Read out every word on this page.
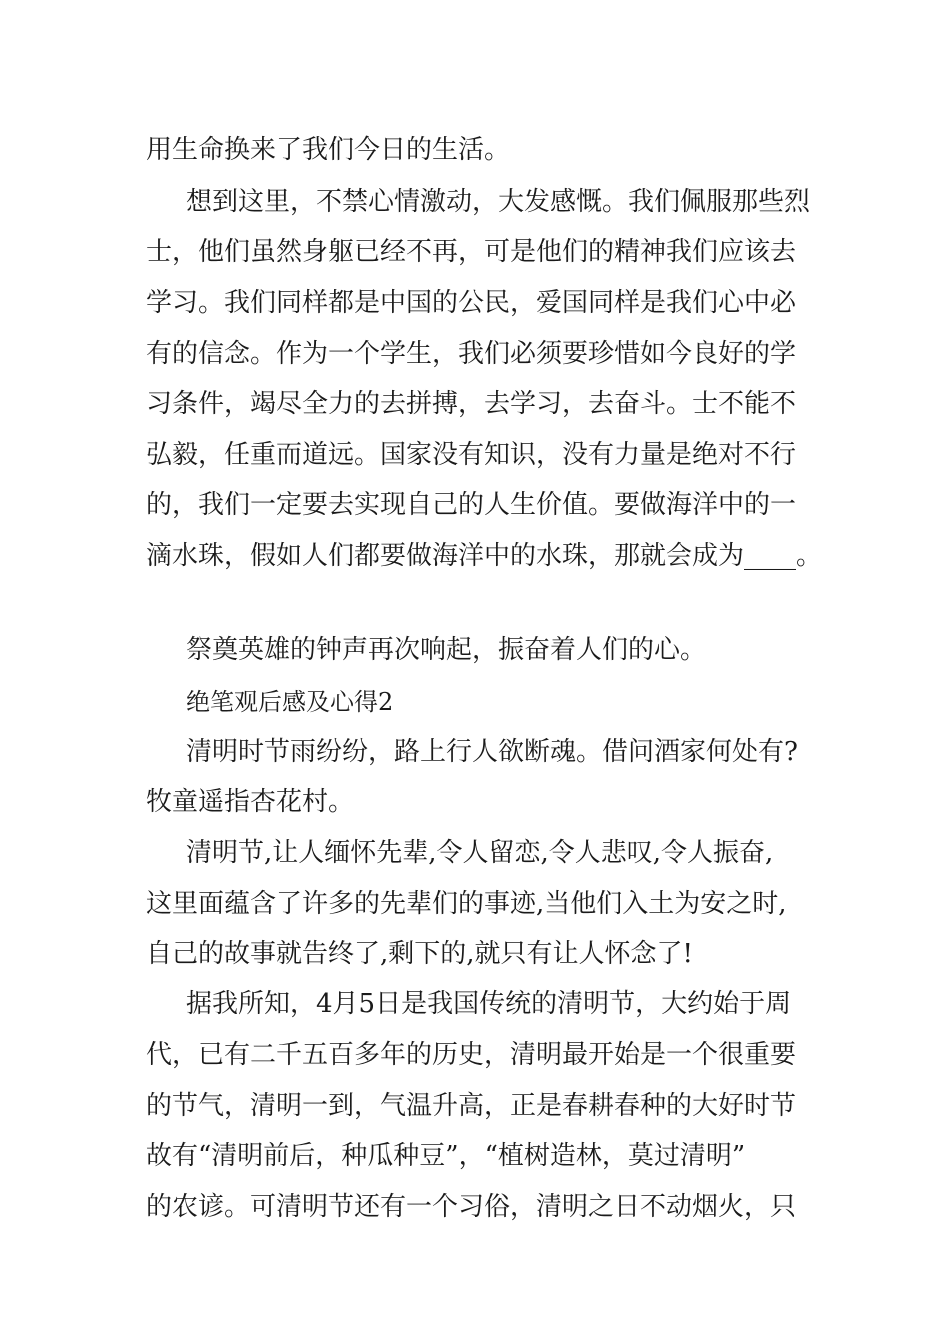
用生命换来了我们今日的生活。

想到这里，不禁心情激动，大发感慨。我们佩服那些烈

士，他们虽然身躯已经不再，可是他们的精神我们应该去

学习。我们同样都是中国的公民，爱国同样是我们心中必

有的信念。作为一个学生，我们必须要珍惜如今良好的学

习条件，竭尽全力的去拼搏，去学习，去奋斗。士不能不

弘毅，任重而道远。国家没有知识，没有力量是绝对不行

的，我们一定要去实现自己的人生价值。要做海洋中的一

滴水珠，假如人们都要做海洋中的水珠，那就会成为____。

祭奠英雄的钟声再次响起，振奋着人们的心。

绝笔观后感及心得2

清明时节雨纷纷，路上行人欲断魂。借问酒家何处有?

牧童遥指杏花村。

清明节,让人缅怀先辈,令人留恋,令人悲叹,令人振奋,

这里面蕴含了许多的先辈们的事迹,当他们入土为安之时,

自己的故事就告终了,剩下的,就只有让人怀念了!

据我所知，4月5日是我国传统的清明节，大约始于周

代，已有二千五百多年的历史，清明最开始是一个很重要

的节气，清明一到，气温升高，正是春耕春种的大好时节

故有“清明前后，种瓜种豆”，“植树造林，莫过清明”

的农谚。可清明节还有一个习俗，清明之日不动烟火，只
